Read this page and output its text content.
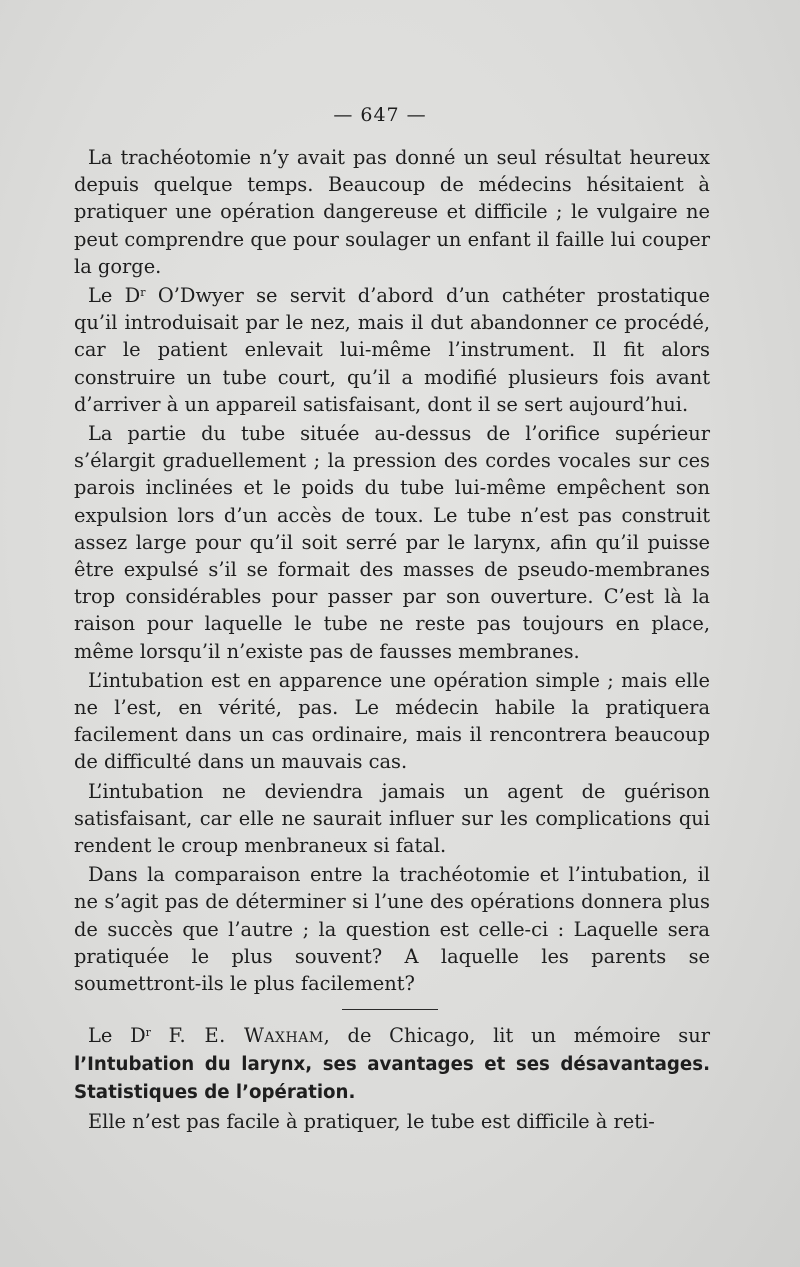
— 647 —

La trachéotomie n’y avait pas donné un seul résultat heureux depuis quelque temps. Beaucoup de médecins hésitaient à pratiquer une opération dangereuse et difficile ; le vulgaire ne peut comprendre que pour soulager un enfant il faille lui couper la gorge.

Le $D^r$ O’Dwyer se servit d’abord d’un cathéter prostatique qu’il introduisait par le nez, mais il dut abandonner ce procédé, car le patient enlevait lui-même l’instrument. Il fit alors construire un tube court, qu’il a modifié plusieurs fois avant d’arriver à un appareil satisfaisant, dont il se sert aujourd’hui.

La partie du tube située au-dessus de l’orifice supérieur s’élargit graduellement ; la pression des cordes vocales sur ces parois inclinées et le poids du tube lui-même empêchent son expulsion lors d’un accès de toux. Le tube n’est pas construit assez large pour qu’il soit serré par le larynx, afin qu’il puisse être expulsé s’il se formait des masses de pseudo-membranes trop considérables pour passer par son ouverture. C’est là la raison pour laquelle le tube ne reste pas toujours en place, même lorsqu’il n’existe pas de fausses membranes.

L’intubation est en apparence une opération simple ; mais elle ne l’est, en vérité, pas. Le médecin habile la pratiquera facilement dans un cas ordinaire, mais il rencontrera beaucoup de difficulté dans un mauvais cas.

L’intubation ne deviendra jamais un agent de guérison satisfaisant, car elle ne saurait influer sur les complications qui rendent le croup menbraneux si fatal.

Dans la comparaison entre la trachéotomie et l’intubation, il ne s’agit pas de déterminer si l’une des opérations donnera plus de succès que l’autre ; la question est celle-ci : Laquelle sera pratiquée le plus souvent? A laquelle les parents se soumettront-ils le plus facilement?

Le $D^r$ F. E. Waxham, de Chicago, lit un mémoire sur l’Intubation du larynx, ses avantages et ses désavantages. Statistiques de l’opération.

Elle n’est pas facile à pratiquer, le tube est difficile à reti-
